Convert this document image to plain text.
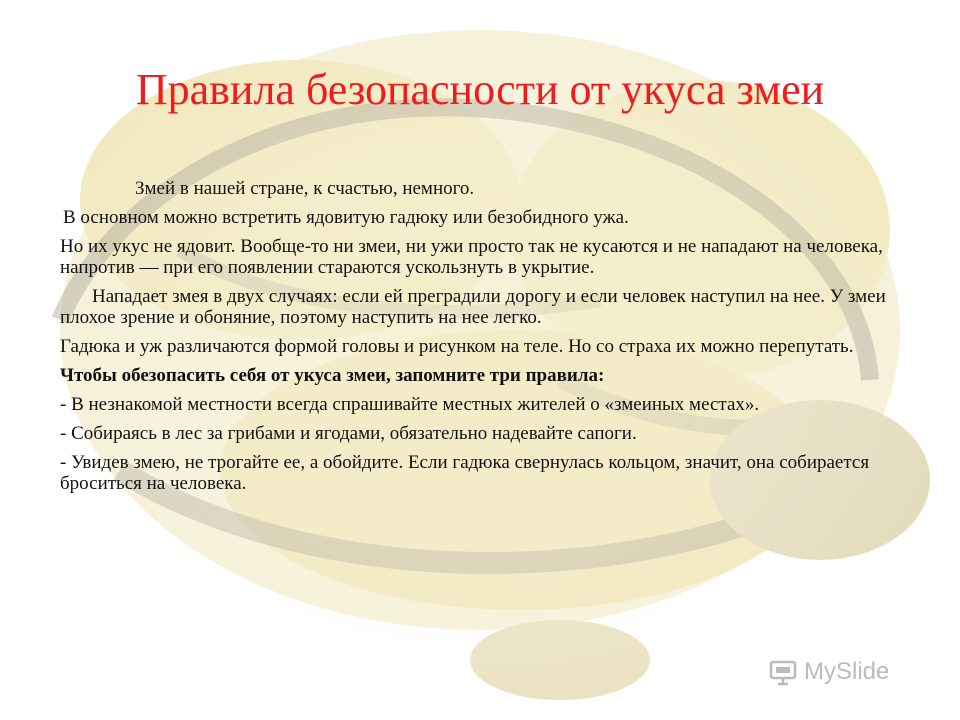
Правила безопасности от укуса змеи

Змей в нашей стране, к счастью, немного.

В основном можно встретить ядовитую гадюку или безобидного ужа.

Но их укус не ядовит. Вообще-то ни змеи, ни ужи просто так не кусаются и не нападают на человека, напротив — при его появлении стараются ускользнуть в укрытие.

Нападает змея в двух случаях: если ей преградили дорогу и если человек наступил на нее. У змеи плохое зрение и обоняние, поэтому наступить на нее легко.

Гадюка и уж различаются формой головы и рисунком на теле. Но со страха их можно перепутать.

Чтобы обезопасить себя от укуса змеи, запомните три правила:

- В незнакомой местности всегда спрашивайте местных жителей о «змеиных местах».

- Собираясь в лес за грибами и ягодами, обязательно надевайте сапоги.

- Увидев змею, не трогайте ее, а обойдите. Если гадюка свернулась кольцом, значит, она собирается броситься на человека.

MySlide
